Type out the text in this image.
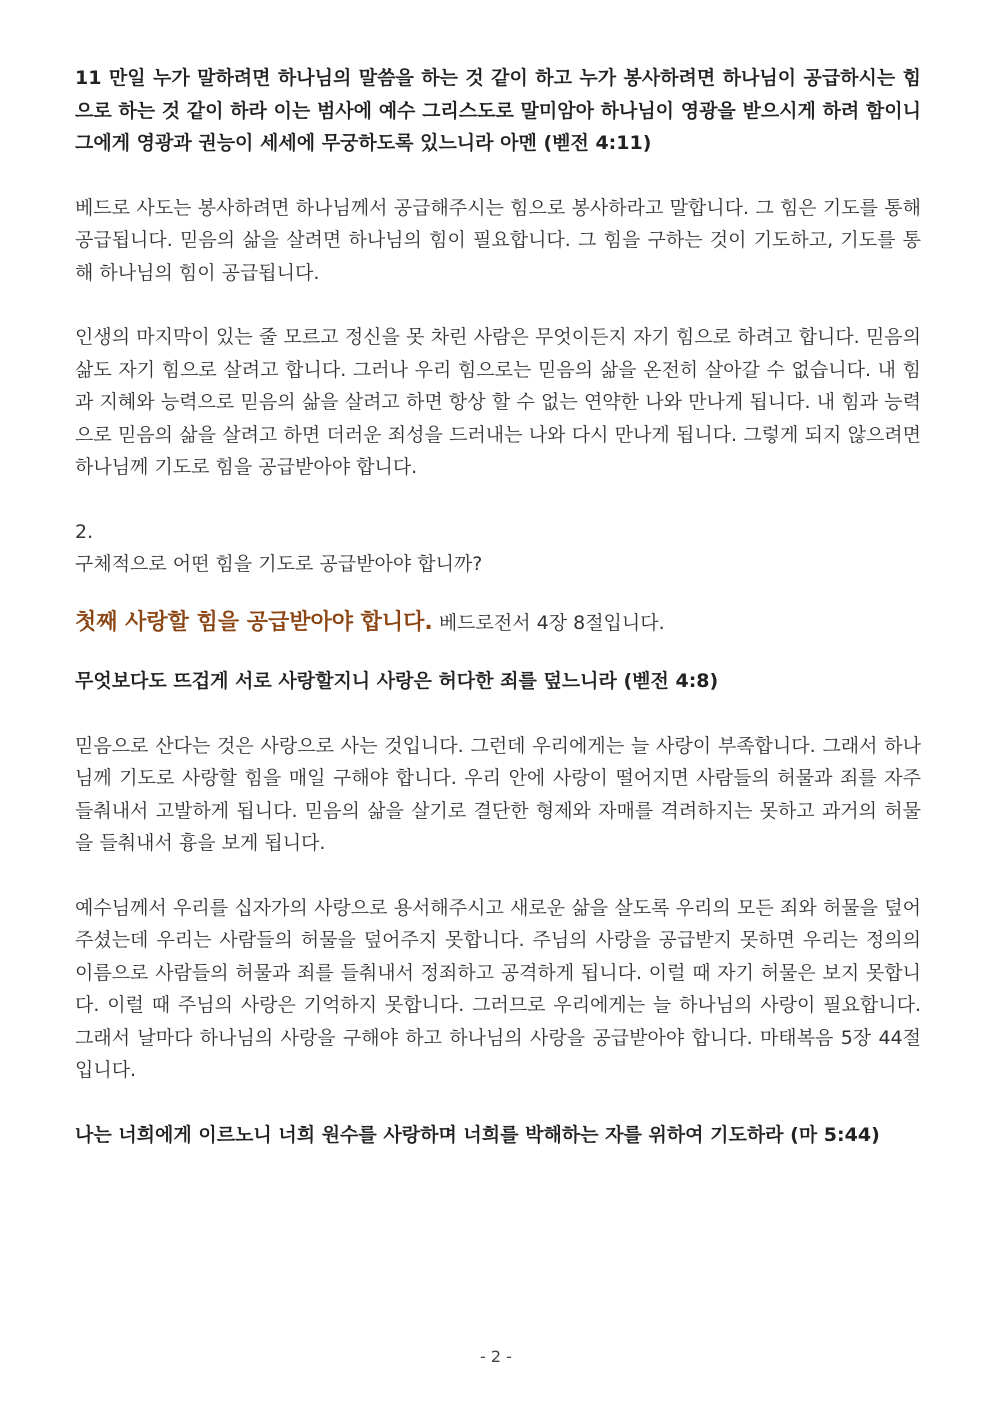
11 만일 누가 말하려면 하나님의 말씀을 하는 것 같이 하고 누가 봉사하려면 하나님이 공급하시는 힘으로 하는 것 같이 하라 이는 범사에 예수 그리스도로 말미암아 하나님이 영광을 받으시게 하려 함이니 그에게 영광과 권능이 세세에 무궁하도록 있느니라 아멘 (벧전 4:11)

베드로 사도는 봉사하려면 하나님께서 공급해주시는 힘으로 봉사하라고 말합니다. 그 힘은 기도를 통해 공급됩니다. 믿음의 삶을 살려면 하나님의 힘이 필요합니다. 그 힘을 구하는 것이 기도하고, 기도를 통해 하나님의 힘이 공급됩니다.

인생의 마지막이 있는 줄 모르고 정신을 못 차린 사람은 무엇이든지 자기 힘으로 하려고 합니다. 믿음의 삶도 자기 힘으로 살려고 합니다. 그러나 우리 힘으로는 믿음의 삶을 온전히 살아갈 수 없습니다. 내 힘과 지혜와 능력으로 믿음의 삶을 살려고 하면 항상 할 수 없는 연약한 나와 만나게 됩니다. 내 힘과 능력으로 믿음의 삶을 살려고 하면 더러운 죄성을 드러내는 나와 다시 만나게 됩니다. 그렇게 되지 않으려면 하나님께 기도로 힘을 공급받아야 합니다.

2.

구체적으로 어떤 힘을 기도로 공급받아야 합니까?

첫째 사랑할 힘을 공급받아야 합니다. 베드로전서 4장 8절입니다.

무엇보다도 뜨겁게 서로 사랑할지니 사랑은 허다한 죄를 덮느니라 (벧전 4:8)

믿음으로 산다는 것은 사랑으로 사는 것입니다. 그런데 우리에게는 늘 사랑이 부족합니다. 그래서 하나님께 기도로 사랑할 힘을 매일 구해야 합니다. 우리 안에 사랑이 떨어지면 사람들의 허물과 죄를 자주 들춰내서 고발하게 됩니다. 믿음의 삶을 살기로 결단한 형제와 자매를 격려하지는 못하고 과거의 허물을 들춰내서 흉을 보게 됩니다.

예수님께서 우리를 십자가의 사랑으로 용서해주시고 새로운 삶을 살도록 우리의 모든 죄와 허물을 덮어주셨는데 우리는 사람들의 허물을 덮어주지 못합니다. 주님의 사랑을 공급받지 못하면 우리는 정의의 이름으로 사람들의 허물과 죄를 들춰내서 정죄하고 공격하게 됩니다. 이럴 때 자기 허물은 보지 못합니다. 이럴 때 주님의 사랑은 기억하지 못합니다. 그러므로 우리에게는 늘 하나님의 사랑이 필요합니다. 그래서 날마다 하나님의 사랑을 구해야 하고 하나님의 사랑을 공급받아야 합니다. 마태복음 5장 44절입니다.

나는 너희에게 이르노니 너희 원수를 사랑하며 너희를 박해하는 자를 위하여 기도하라 (마 5:44)

- 2 -
